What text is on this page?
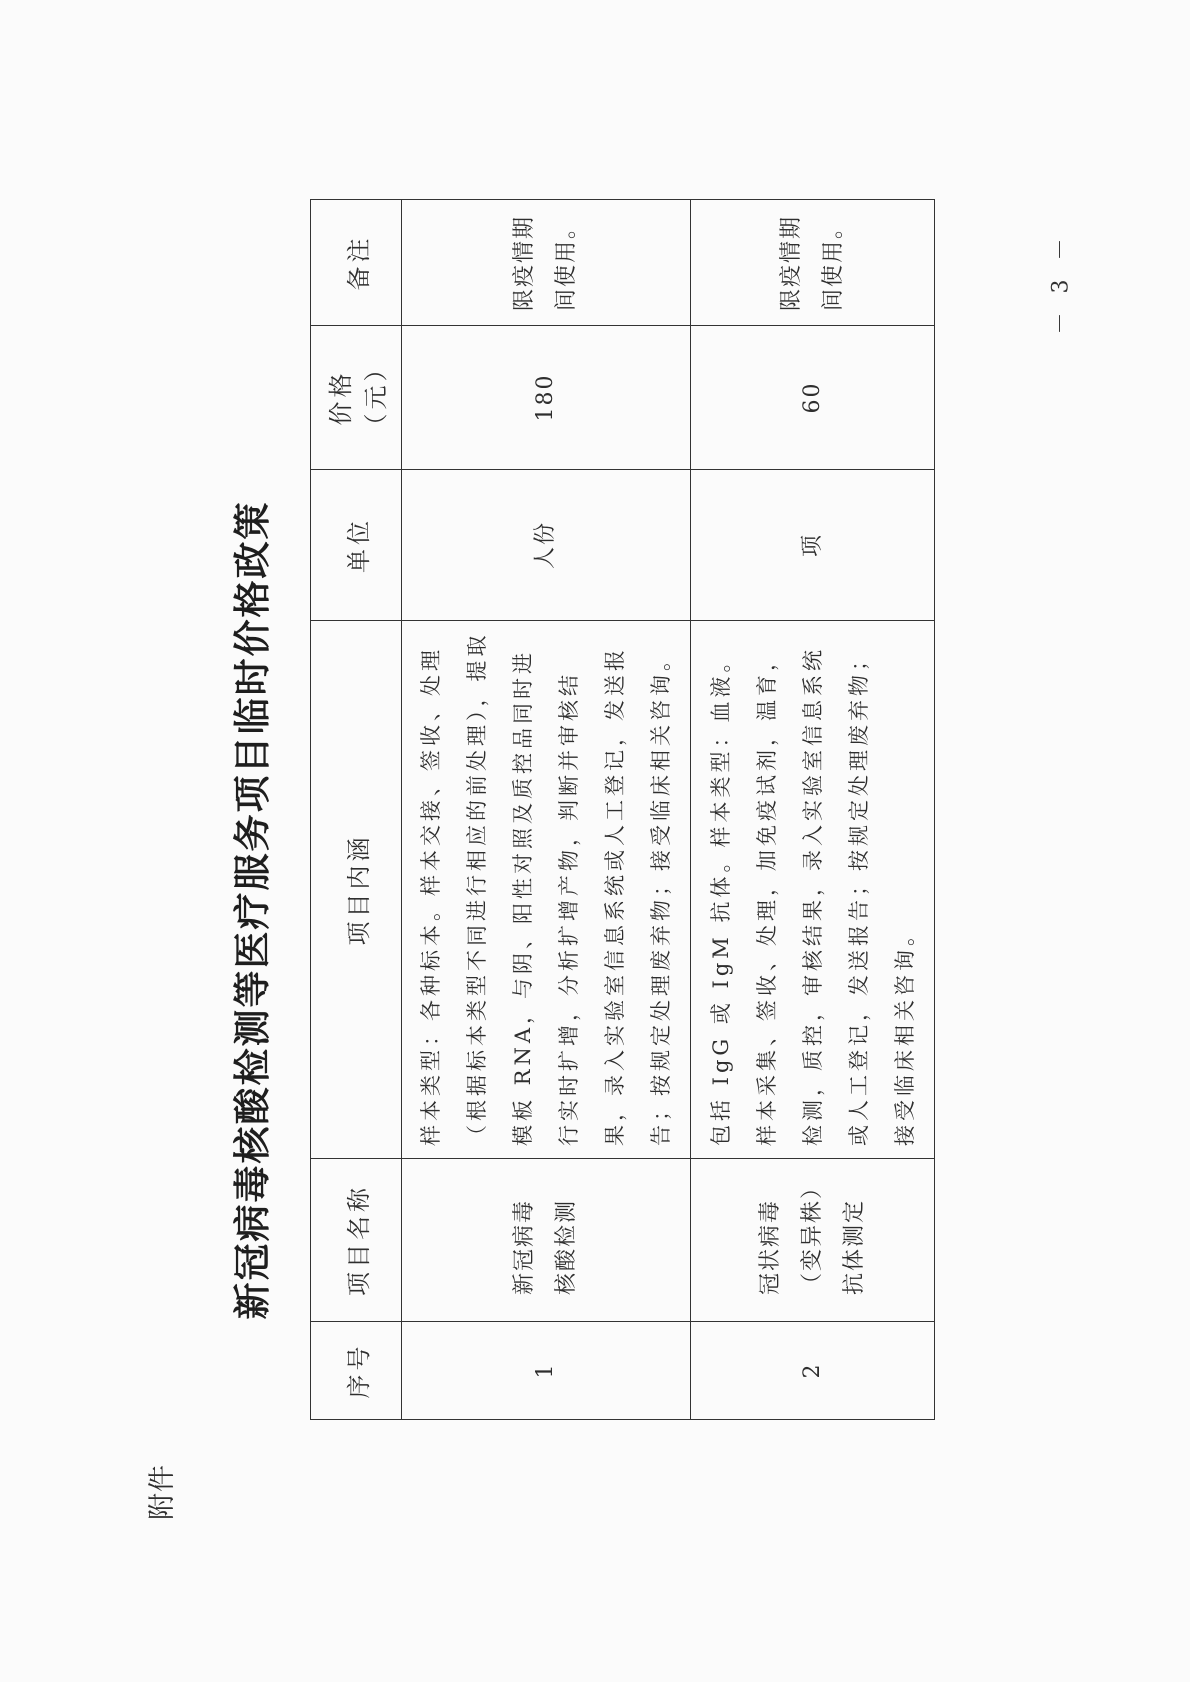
附件
新冠病毒核酸检测等医疗服务项目临时价格政策
序号	项目名称	项目内涵	单位	价格（元）	备注
1	新冠病毒核酸检测	样本类型：各种标本。样本交接、签收、处理（根据标本类型不同进行相应的前处理），提取模板 RNA，与阴、阳性对照及质控品同时进行实时扩增，分析扩增产物，判断并审核结果，录入实验室信息系统或人工登记，发送报告；按规定处理废弃物；接受临床相关咨询。	人份	180	限疫情期间使用。
2	冠状病毒（变异株）抗体测定	包括 IgG 或 IgM 抗体。样本类型：血液。样本采集、签收、处理，加免疫试剂，温育，检测，质控，审核结果，录入实验室信息系统或人工登记，发送报告；按规定处理废弃物；接受临床相关咨询。	项	60	限疫情期间使用。	－ 3 －
